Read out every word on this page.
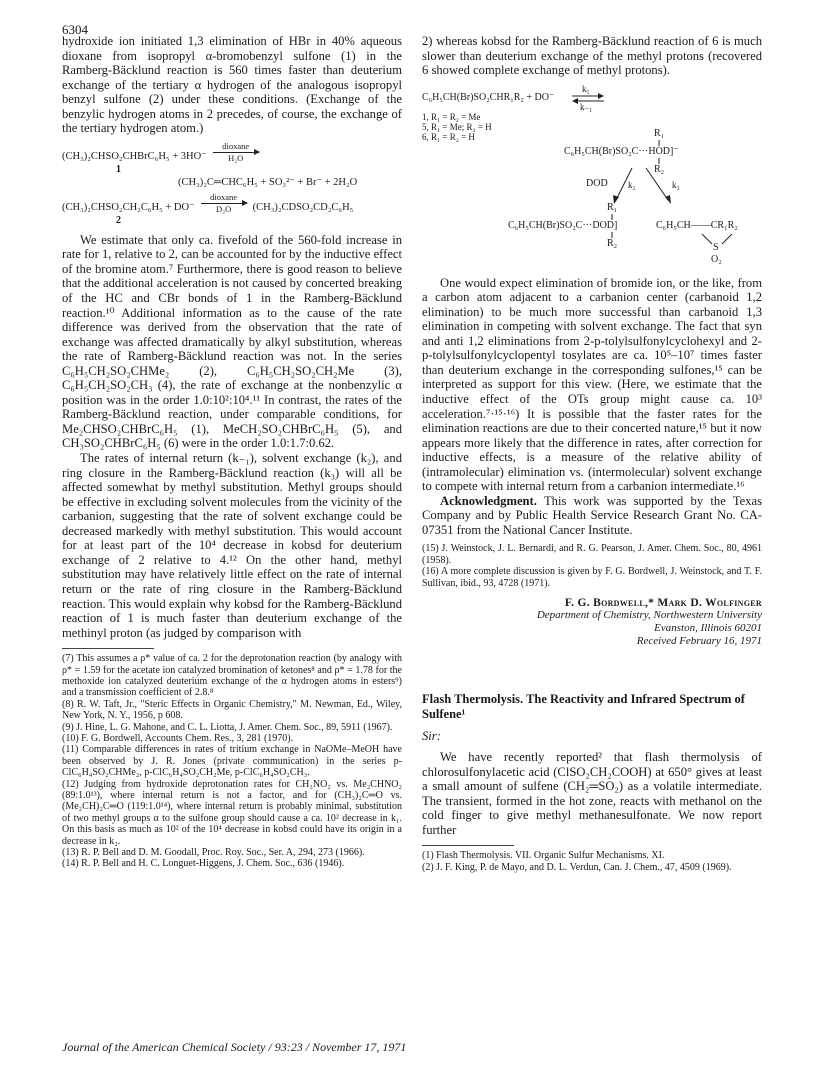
6304

hydroxide ion initiated 1,3 elimination of HBr in 40% aqueous dioxane from isopropyl α-bromobenzyl sulfone (1) in the Ramberg-Bäcklund reaction is 560 times faster than deuterium exchange of the tertiary α hydrogen of the analogous isopropyl benzyl sulfone (2) under these conditions. (Exchange of the benzylic hydrogen atoms in 2 precedes, of course, the exchange of the tertiary hydrogen atom.)

(CH₃)₂CHSO₂CHBrC₆H₅ + 3HO⁻
dioxane
H₂O
1
(CH₃)₂C═CHC₆H₅ + SO₃²⁻ + Br⁻ + 2H₂O
(CH₃)₂CHSO₂CH₂C₆H₅ + DO⁻
dioxane
D₂O (CH₃)₂CDSO₂CD₂C₆H₅
2

We estimate that only ca. fivefold of the 560-fold increase in rate for 1, relative to 2, can be accounted for by the inductive effect of the bromine atom.⁷ Furthermore, there is good reason to believe that the additional acceleration is not caused by concerted breaking of the HC and CBr bonds of 1 in the Ramberg-Bäcklund reaction.¹⁰ Additional information as to the cause of the rate difference was derived from the observation that the rate of exchange was affected dramatically by alkyl substitution, whereas the rate of Ramberg-Bäcklund reaction was not. In the series C₆H₅CH₂SO₂CHMe₂ (2), C₆H₅CH₂SO₂CH₂Me (3), C₆H₅CH₂SO₂CH₃ (4), the rate of exchange at the nonbenzylic α position was in the order 1.0:10²:10⁴.¹¹ In contrast, the rates of the Ramberg-Bäcklund reaction, under comparable conditions, for Me₂CHSO₂CHBrC₆H₅ (1), MeCH₂SO₂CHBrC₆H₅ (5), and CH₃SO₂CHBrC₆H₅ (6) were in the order 1.0:1.7:0.62.

The rates of internal return (k₋₁), solvent exchange (k₂), and ring closure in the Ramberg-Bäcklund reaction (k₃) will all be affected somewhat by methyl substitution. Methyl groups should be effective in excluding solvent molecules from the vicinity of the carbanion, suggesting that the rate of solvent exchange could be decreased markedly with methyl substitution. This would account for at least part of the 10⁴ decrease in kobsd for deuterium exchange of 2 relative to 4.¹² On the other hand, methyl substitution may have relatively little effect on the rate of internal return or the rate of ring closure in the Ramberg-Bäcklund reaction. This would explain why kobsd for the Ramberg-Bäcklund reaction of 1 is much faster than deuterium exchange of the methinyl proton (as judged by comparison with

(7) This assumes a ρ* value of ca. 2 for the deprotonation reaction (by analogy with ρ* = 1.59 for the acetate ion catalyzed bromination of ketones⁸ and ρ* = 1.78 for the methoxide ion catalyzed deuterium exchange of the α hydrogen atoms in esters⁹) and a transmission coefficient of 2.8.⁸

(8) R. W. Taft, Jr., "Steric Effects in Organic Chemistry," M. Newman, Ed., Wiley, New York, N. Y., 1956, p 608.

(9) J. Hine, L. G. Mahone, and C. L. Liotta, J. Amer. Chem. Soc., 89, 5911 (1967).

(10) F. G. Bordwell, Accounts Chem. Res., 3, 281 (1970).

(11) Comparable differences in rates of tritium exchange in NaOMe–MeOH have been observed by J. R. Jones (private communication) in the series p-ClC₆H₄SO₂CHMe₂, p-ClC₆H₄SO₂CH₂Me, p-ClC₆H₄SO₂CH₃.

(12) Judging from hydroxide deprotonation rates for CH₃NO₂ vs. Me₂CHNO₂ (89:1.0¹³), where internal return is not a factor, and for (CH₃)₂C═O vs. (Me₂CH)₂C═O (119:1.0¹⁴), where internal return is probably minimal, substitution of two methyl groups α to the sulfone group should cause a ca. 10² decrease in k₁. On this basis as much as 10² of the 10⁴ decrease in kobsd could have its origin in a decrease in k₂.

(13) R. P. Bell and D. M. Goodall, Proc. Roy. Soc., Ser. A, 294, 273 (1966).

(14) R. P. Bell and H. C. Longuet-Higgens, J. Chem. Soc., 636 (1946).

2) whereas kobsd for the Ramberg-Bäcklund reaction of 6 is much slower than deuterium exchange of the methyl protons (recovered 6 showed complete exchange of methyl protons).

C₆H₅CH(Br)SO₂CHR₁R₂ + DO⁻
k₁
k₋₁
1, R₁ = R₂ = Me
5, R₁ = Me; R₂ = H
6, R₁ = R₂ = H	R₁
C₆H₅CH(Br)SO₂C···HOD]⁻
R₂
DOD k₂	k₃
R₁
C₆H₅CH(Br)SO₂C···DOD]
R₂
C₆H₅CH——CR₁R₂
S
O₂

One would expect elimination of bromide ion, or the like, from a carbon atom adjacent to a carbanion center (carbanoid 1,2 elimination) to be much more successful than carbanoid 1,3 elimination in competing with solvent exchange. The fact that syn and anti 1,2 eliminations from 2-p-tolylsulfonylcyclohexyl and 2-p-tolylsulfonylcyclopentyl tosylates are ca. 10⁵–10⁷ times faster than deuterium exchange in the corresponding sulfones,¹⁵ can be interpreted as support for this view. (Here, we estimate that the inductive effect of the OTs group might cause ca. 10³ acceleration.⁷·¹⁵·¹⁶) It is possible that the faster rates for the elimination reactions are due to their concerted nature,¹⁵ but it now appears more likely that the difference in rates, after correction for inductive effects, is a measure of the relative ability of (intramolecular) elimination vs. (intermolecular) solvent exchange to compete with internal return from a carbanion intermediate.¹⁶

Acknowledgment. This work was supported by the Texas Company and by Public Health Service Research Grant No. CA-07351 from the National Cancer Institute.

(15) J. Weinstock, J. L. Bernardi, and R. G. Pearson, J. Amer. Chem. Soc., 80, 4961 (1958).

(16) A more complete discussion is given by F. G. Bordwell, J. Weinstock, and T. F. Sullivan, ibid., 93, 4728 (1971).

F. G. Bordwell,* Mark D. Wolfinger
Department of Chemistry, Northwestern University
Evanston, Illinois 60201
Received February 16, 1971
Flash Thermolysis. The Reactivity and Infrared Spectrum of Sulfene¹
Sir:

We have recently reported² that flash thermolysis of chlorosulfonylacetic acid (ClSO₂CH₂COOH) at 650° gives at least a small amount of sulfene (CH₂═SO₂) as a volatile intermediate. The transient, formed in the hot zone, reacts with methanol on the cold finger to give methyl methanesulfonate. We now report further

(1) Flash Thermolysis. VII. Organic Sulfur Mechanisms. XI.

(2) J. F. King, P. de Mayo, and D. L. Verdun, Can. J. Chem., 47, 4509 (1969).

Journal of the American Chemical Society / 93:23 / November 17, 1971
